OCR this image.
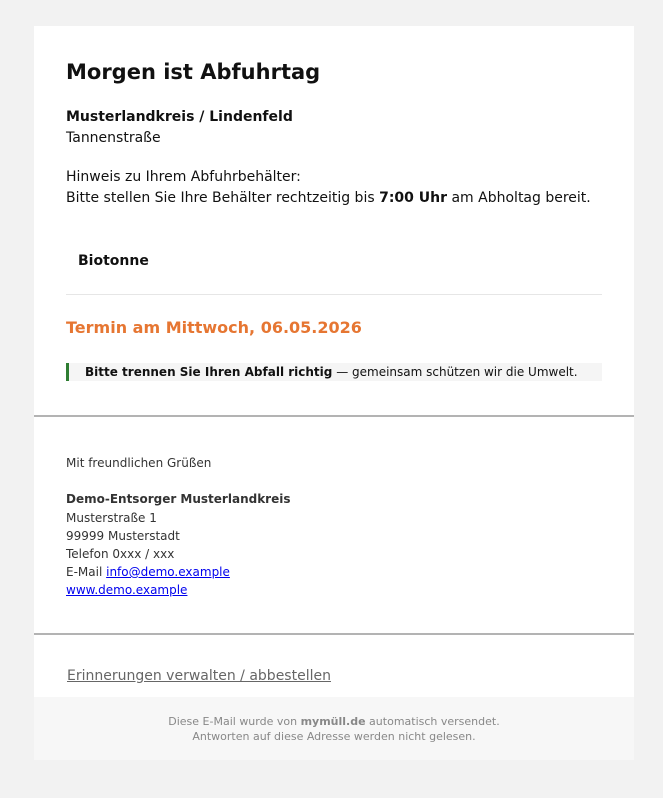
Morgen ist Abfuhrtag
Musterlandkreis / Lindenfeld
Tannenstraße
Hinweis zu Ihrem Abfuhrbehälter:
Bitte stellen Sie Ihre Behälter rechtzeitig bis 7:00 Uhr am Abholtag bereit.
Biotonne
Termin am Mittwoch, 06.05.2026
Bitte trennen Sie Ihren Abfall richtig — gemeinsam schützen wir die Umwelt.
Mit freundlichen Grüßen
Demo-Entsorger Musterlandkreis
Musterstraße 1
99999 Musterstadt
Telefon 0xxx / xxx
E-Mail info@demo.example
www.demo.example
Erinnerungen verwalten / abbestellen
Diese E-Mail wurde von mymüll.de automatisch versendet.
Antworten auf diese Adresse werden nicht gelesen.
